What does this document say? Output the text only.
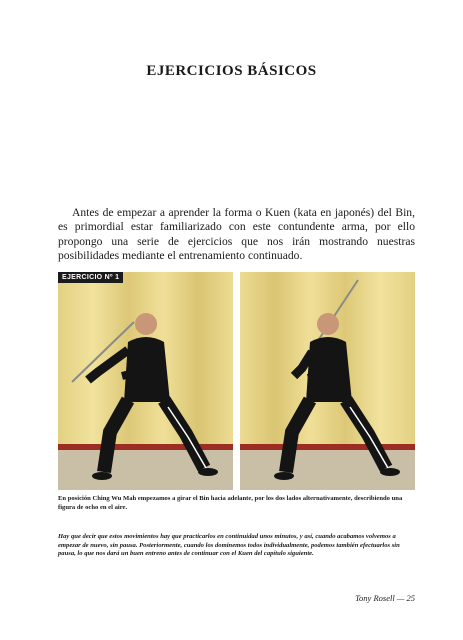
EJERCICIOS BÁSICOS

Antes de empezar a aprender la forma o Kuen (kata en japonés) del Bin, es primordial estar familiarizado con este contundente arma, por ello propongo una serie de ejercicios que nos irán mostrando nuestras posibilidades mediante el entrenamiento continuado.

EJERCICIO Nº 1

En posición Ching Wu Mah empezamos a girar el Bin hacia adelante, por los dos lados alternativamente, describiendo una figura de ocho en el aire.

Hay que decir que estos movimientos hay que practicarlos en continuidad unos minutos, y así, cuando acabamos volvemos a empezar de nuevo, sin pausa. Posteriormente, cuando los dominemos todos individualmente, podemos también efectuarlos sin pausa, lo que nos dará un buen entreno antes de continuar con el Kuen del capítulo siguiente.

Tony Rosell — 25
